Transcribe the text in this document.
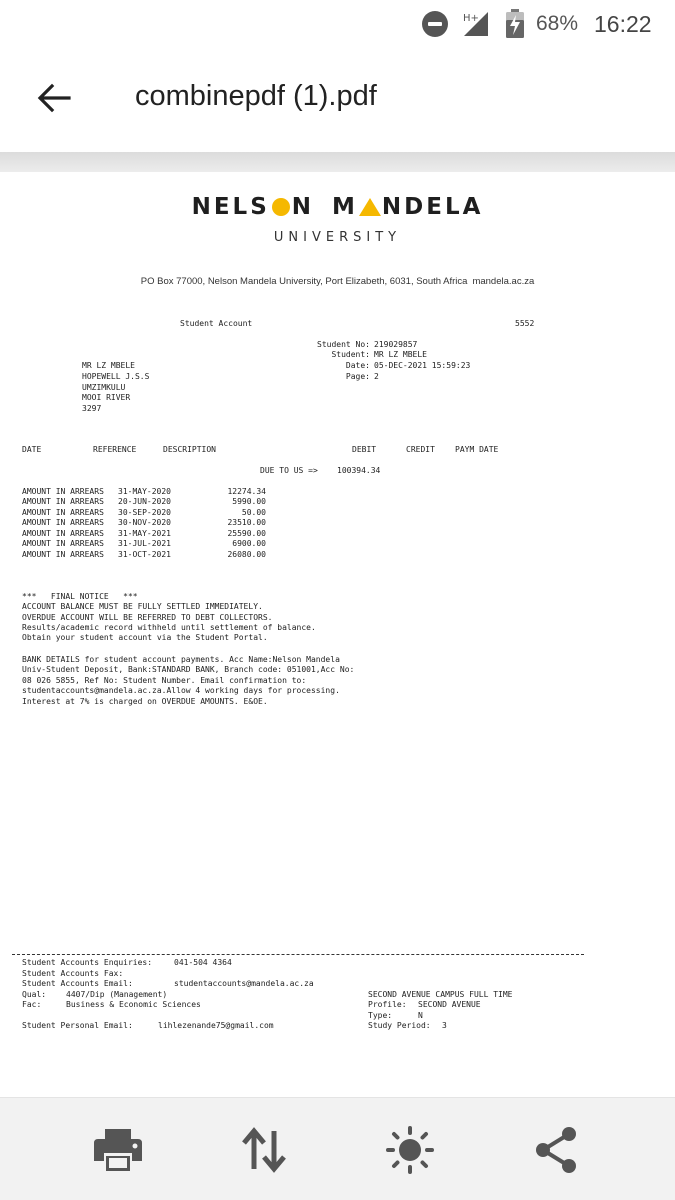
H+	68% 16:22
combinepdf (1).pdf
NELS N M NDELA
UNIVERSITY
PO Box 77000, Nelson Mandela University, Port Elizabeth, 6031, South Africa mandela.ac.za
Student Account	5552
Student No: 219029857
Student: MR LZ MBELE
Date: 05-DEC-2021 15:59:23
Page: 2
MR LZ MBELE
HOPEWELL J.S.S
UMZIMKULU
MOOI RIVER
3297
DATE	REFERENCE	DESCRIPTION	DEBIT	CREDIT	PAYM DATE
DUE TO US => 100394.34
AMOUNT IN ARREARS 31-MAY-2020	12274.34
AMOUNT IN ARREARS 20-JUN-2020	5990.00
AMOUNT IN ARREARS 30-SEP-2020	50.00
AMOUNT IN ARREARS 30-NOV-2020	23510.00
AMOUNT IN ARREARS 31-MAY-2021	25590.00
AMOUNT IN ARREARS 31-JUL-2021	6900.00
AMOUNT IN ARREARS 31-OCT-2021	26080.00
***   FINAL NOTICE   ***
ACCOUNT BALANCE MUST BE FULLY SETTLED IMMEDIATELY.
OVERDUE ACCOUNT WILL BE REFERRED TO DEBT COLLECTORS.
Results/academic record withheld until settlement of balance.
Obtain your student account via the Student Portal.
BANK DETAILS for student account payments. Acc Name:Nelson Mandela
Univ-Student Deposit, Bank:STANDARD BANK, Branch code: 051001,Acc No:
08 026 5855, Ref No: Student Number. Email confirmation to:
studentaccounts@mandela.ac.za.Allow 4 working days for processing.
Interest at 7% is charged on OVERDUE AMOUNTS. E&OE.
Student Accounts Enquiries:	041-504 4364
Student Accounts Fax:
Student Accounts Email:	studentaccounts@mandela.ac.za
Qual: 4407/Dip (Management)
Fac:	Business & Economic Sciences
Student Personal Email:	lihlezenande75@gmail.com
SECOND AVENUE CAMPUS FULL TIME
Profile: SECOND AVENUE
Type:	N
Study Period: 3
